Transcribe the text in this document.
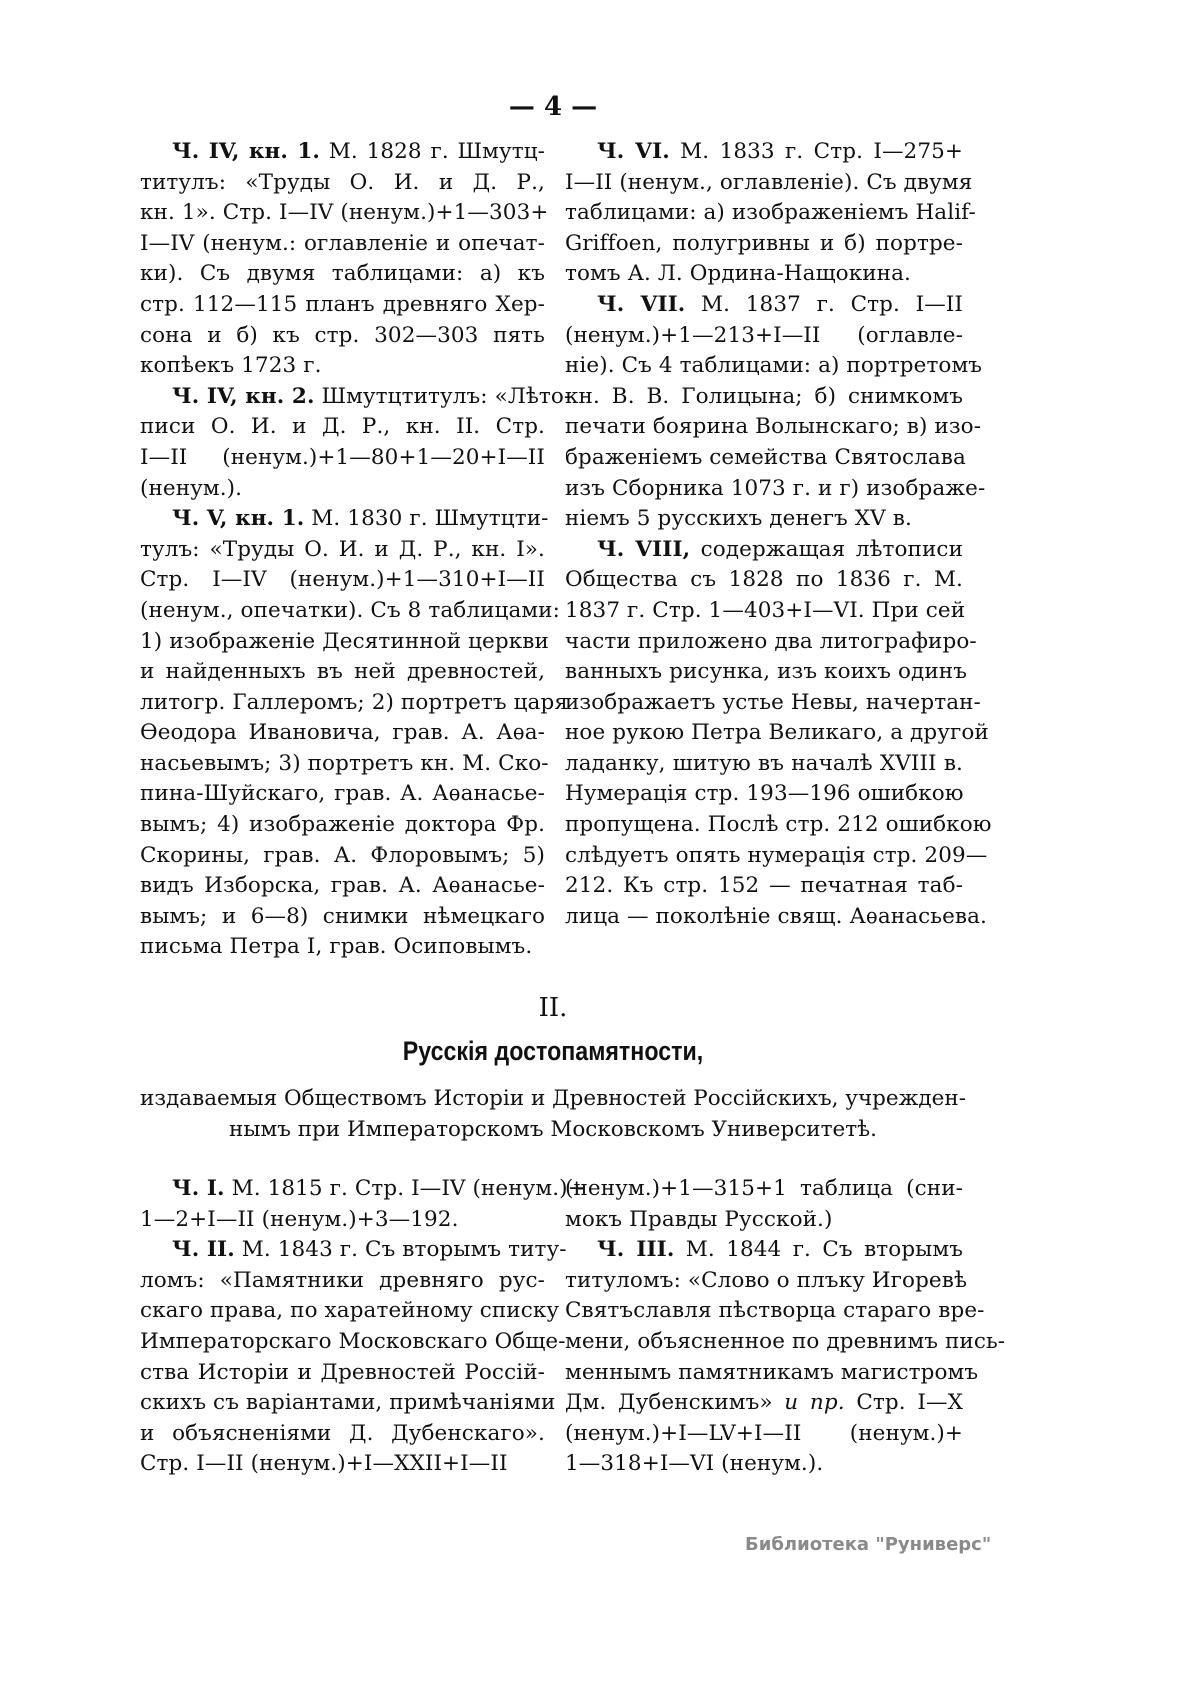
— 4 —
Ч. IV, кн. 1. М. 1828 г. Шмутц-
титулъ: «Труды О. И. и Д. Р.,
кн. 1». Стр. I—IV (ненум.)+1—303+
I—IV (ненум.: оглавленіе и опечат-
ки). Съ двумя таблицами: а) къ
стр. 112—115 планъ древняго Хер-
сона и б) къ стр. 302—303 пять
копѣекъ 1723 г.
Ч. IV, кн. 2. Шмутцтитулъ: «Лѣто-
писи О. И. и Д. Р., кн. II. Стр.
I—II (ненум.)+1—80+1—20+I—II
(ненум.).
Ч. V, кн. 1. М. 1830 г. Шмутцти-
тулъ: «Труды О. И. и Д. Р., кн. I».
Стр. I—IV (ненум.)+1—310+I—II
(ненум., опечатки). Съ 8 таблицами:
1) изображеніе Десятинной церкви
и найденныхъ въ ней древностей,
литогр. Галлеромъ; 2) портретъ царя
Ѳеодора Ивановича, грав. А. Аѳа-
насьевымъ; 3) портретъ кн. М. Ско-
пина-Шуйскаго, грав. А. Аѳанасье-
вымъ; 4) изображеніе доктора Фр.
Скорины, грав. А. Флоровымъ; 5)
видъ Изборска, грав. А. Аѳанасье-
вымъ; и 6—8) снимки нѣмецкаго
письма Петра I, грав. Осиповымъ.
Ч. VI. М. 1833 г. Стр. I—275+
I—II (ненум., оглавленіе). Съ двумя
таблицами: а) изображеніемъ Halif-
Griffoen, полугривны и б) портре-
томъ А. Л. Ордина-Нащокина.
Ч. VII. М. 1837 г. Стр. I—II
(ненум.)+1—213+I—II (оглавле-
ніе). Съ 4 таблицами: а) портретомъ
кн. В. В. Голицына; б) снимкомъ
печати боярина Волынскаго; в) изо-
браженіемъ семейства Святослава
изъ Сборника 1073 г. и г) изображе-
ніемъ 5 русскихъ денегъ XV в.
Ч. VIII, содержащая лѣтописи
Общества съ 1828 по 1836 г. М.
1837 г. Стр. 1—403+I—VI. При сей
части приложено два литографиро-
ванныхъ рисунка, изъ коихъ одинъ
изображаетъ устье Невы, начертан-
ное рукою Петра Великаго, а другой
ладанку, шитую въ началѣ XVIII в.
Нумерація стр. 193—196 ошибкою
пропущена. Послѣ стр. 212 ошибкою
слѣдуетъ опять нумерація стр. 209—
212. Къ стр. 152 — печатная таб-
лица — поколѣніе свящ. Аѳанасьева.
II.
Русскія достопамятности,
издаваемыя Обществомъ Исторіи и Древностей Россійскихъ, учрежден-
нымъ при Императорскомъ Московскомъ Университетѣ.
Ч. I. М. 1815 г. Стр. I—IV (ненум.)+
1—2+I—II (ненум.)+3—192.
Ч. II. М. 1843 г. Съ вторымъ титу-
ломъ: «Памятники древняго рус-
скаго права, по харатейному списку
Императорскаго Московскаго Обще-
ства Исторіи и Древностей Россій-
скихъ съ варіантами, примѣчаніями
и объясненіями Д. Дубенскаго».
Стр. I—II (ненум.)+I—XXII+I—II
(ненум.)+1—315+1 таблица (сни-
мокъ Правды Русской.)
Ч. III. М. 1844 г. Съ вторымъ
титуломъ: «Слово о плъку Игоревѣ
Святъславля пѣстворца стараго вре-
мени, объясненное по древнимъ пись-
меннымъ памятникамъ магистромъ
Дм. Дубенскимъ» и пр. Стр. I—X
(ненум.)+I—LV+I—II (ненум.)+
1—318+I—VI (ненум.).
Библиотека "Руниверс"
